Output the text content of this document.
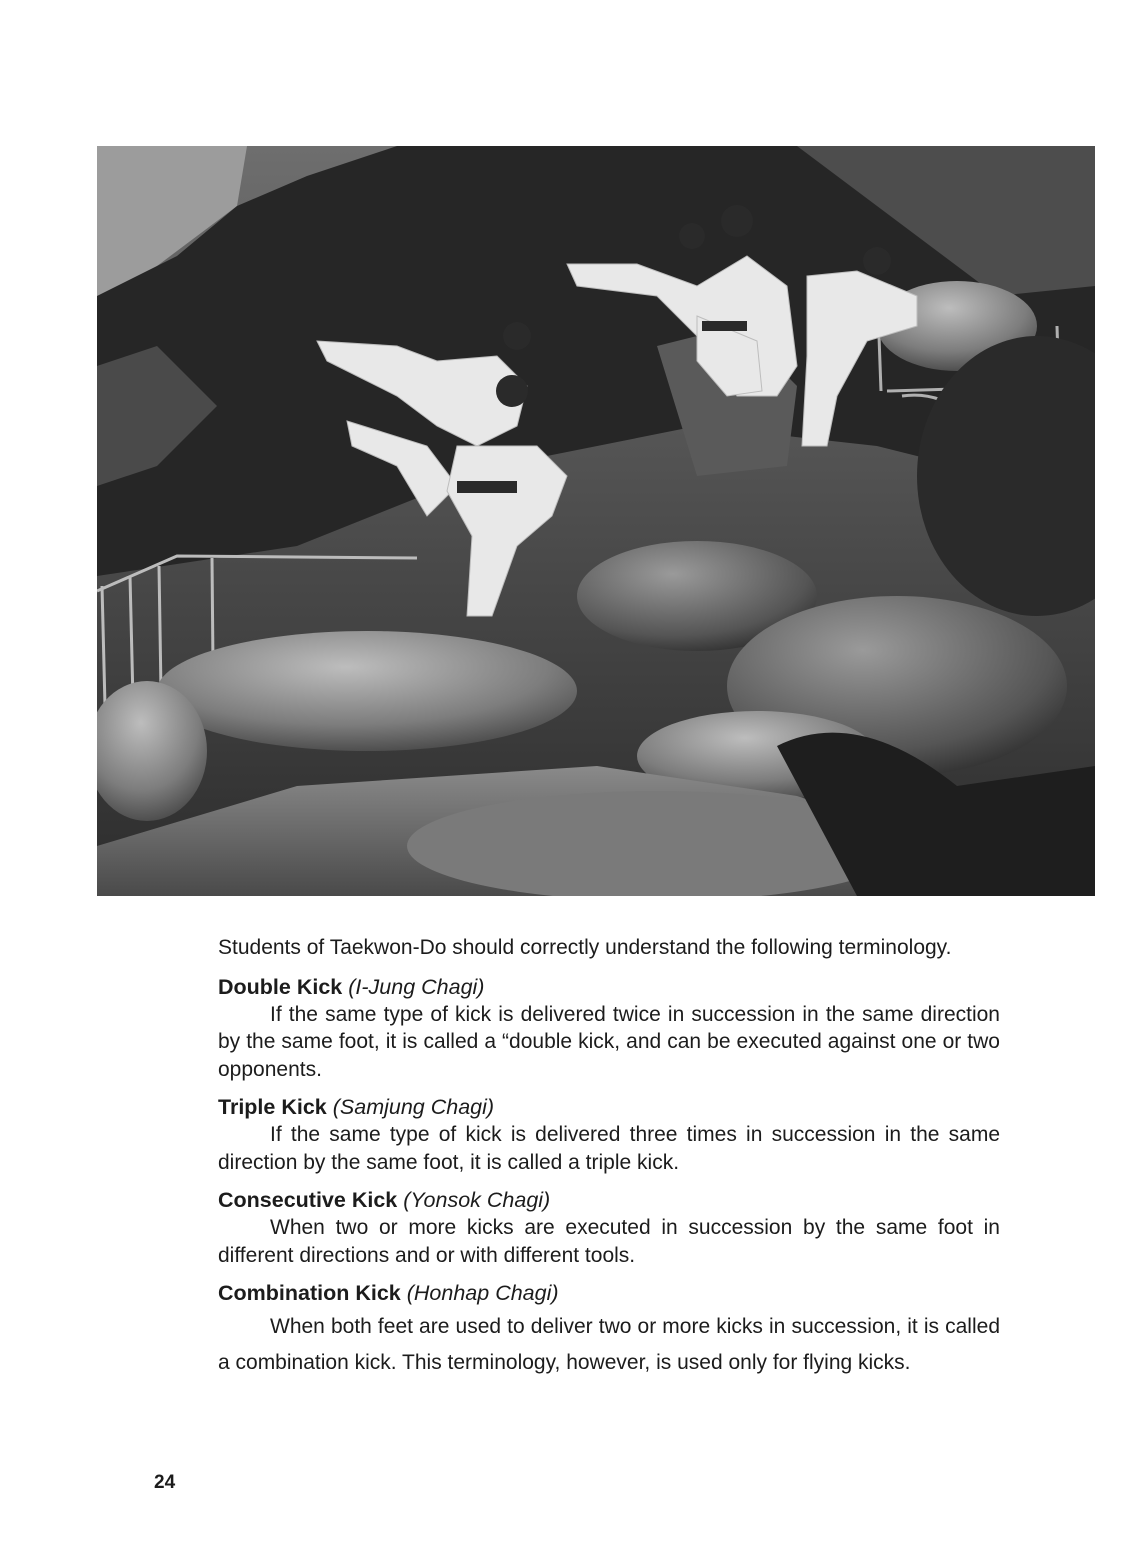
Students of Taekwon-Do should correctly understand the following terminology.

Double Kick (I-Jung Chagi)

If the same type of kick is delivered twice in succession in the same direction by the same foot, it is called a “double kick, and can be executed against one or two opponents.

Triple Kick (Samjung Chagi)

If the same type of kick is delivered three times in succession in the same direction by the same foot, it is called a triple kick.

Consecutive Kick (Yonsok Chagi)

When two or more kicks are executed in succession by the same foot in different directions and or with different tools.

Combination Kick (Honhap Chagi)

When both feet are used to deliver two or more kicks in succession, it is called a combination kick. This terminology, however, is used only for flying kicks.

24
